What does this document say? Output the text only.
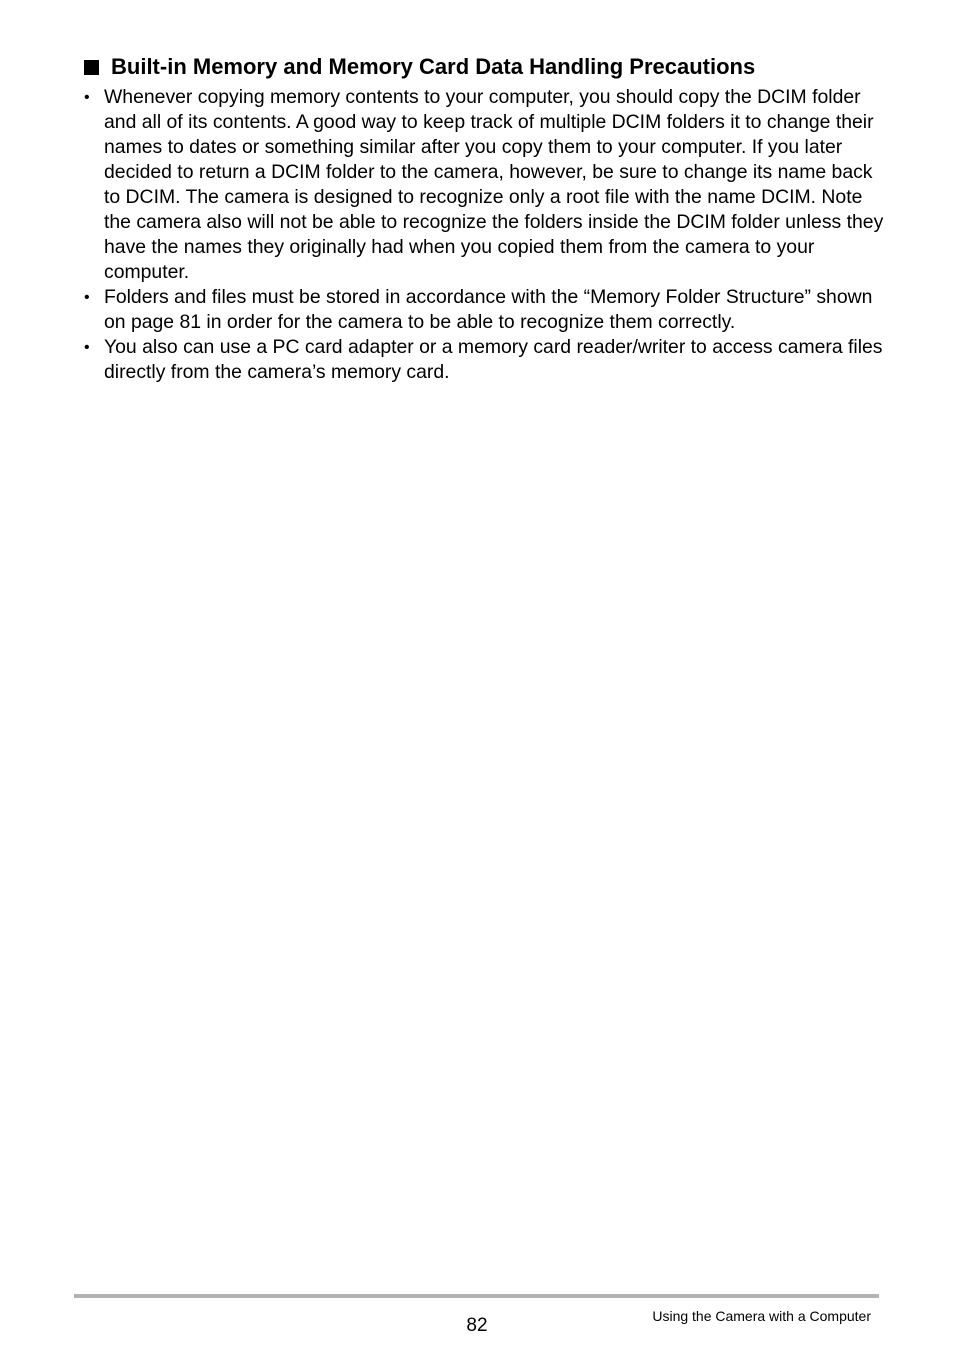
Built-in Memory and Memory Card Data Handling Precautions
• Whenever copying memory contents to your computer, you should copy the DCIM folder and all of its contents. A good way to keep track of multiple DCIM folders it to change their names to dates or something similar after you copy them to your computer. If you later decided to return a DCIM folder to the camera, however, be sure to change its name back to DCIM. The camera is designed to recognize only a root file with the name DCIM. Note the camera also will not be able to recognize the folders inside the DCIM folder unless they have the names they originally had when you copied them from the camera to your computer.
• Folders and files must be stored in accordance with the “Memory Folder Structure” shown on page 81 in order for the camera to be able to recognize them correctly.
• You also can use a PC card adapter or a memory card reader/writer to access camera files directly from the camera’s memory card.
82	Using the Camera with a Computer
